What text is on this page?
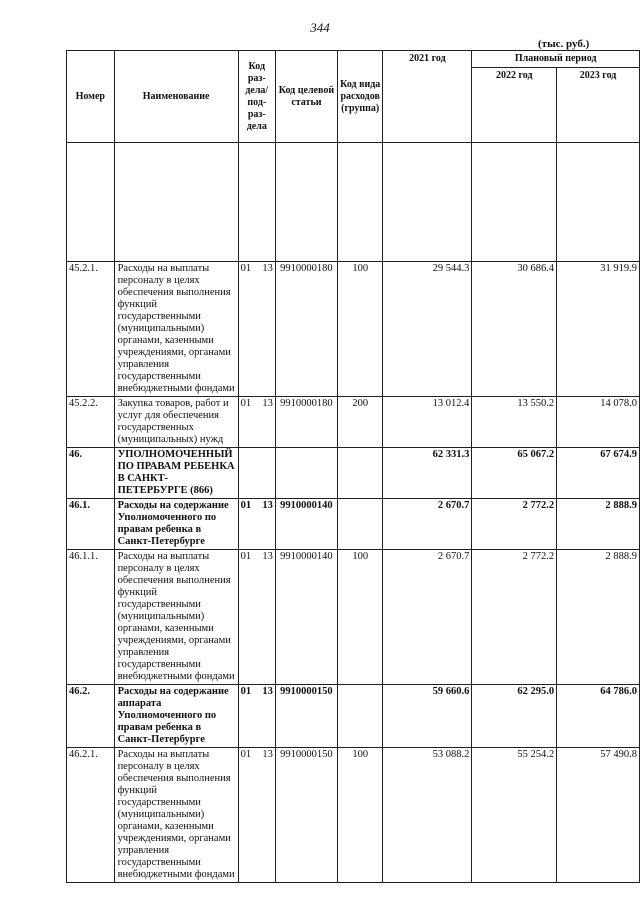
344
(тыс. руб.)
Номер	Наименование	Код раз-дела/ под-раз-дела	Код целевой статьи	Код вида расходов (группа)	2021 год	Плановый период	
						2022 год	2023 год

45.2.1.	Расходы на выплаты персоналу в целях обеспечения выполнения функций государственными (муниципальными) органами, казенными учреждениями, органами управления государственными внебюджетными фондами	01 13	9910000180	100	29 544.3	30 686.4	31 919.9
45.2.2.	Закупка товаров, работ и услуг для обеспечения государственных (муниципальных) нужд	01 13	9910000180	200	13 012.4	13 550.2	14 078.0
46.	УПОЛНОМОЧЕННЫЙ ПО ПРАВАМ РЕБЕНКА В САНКТ-ПЕТЕРБУРГЕ (866)				62 331.3	65 067.2	67 674.9
46.1.	Расходы на содержание Уполномоченного по правам ребенка в Санкт-Петербурге	01 13	9910000140		2 670.7	2 772.2	2 888.9
46.1.1.	Расходы на выплаты персоналу в целях обеспечения выполнения функций государственными (муниципальными) органами, казенными учреждениями, органами управления государственными внебюджетными фондами	01 13	9910000140	100	2 670.7	2 772.2	2 888.9
46.2.	Расходы на содержание аппарата Уполномоченного по правам ребенка в Санкт-Петербурге	01 13	9910000150		59 660.6	62 295.0	64 786.0
46.2.1.	Расходы на выплаты персоналу в целях обеспечения выполнения функций государственными (муниципальными) органами, казенными учреждениями, органами управления государственными внебюджетными фондами	01 13	9910000150	100	53 088.2	55 254.2	57 490.8
